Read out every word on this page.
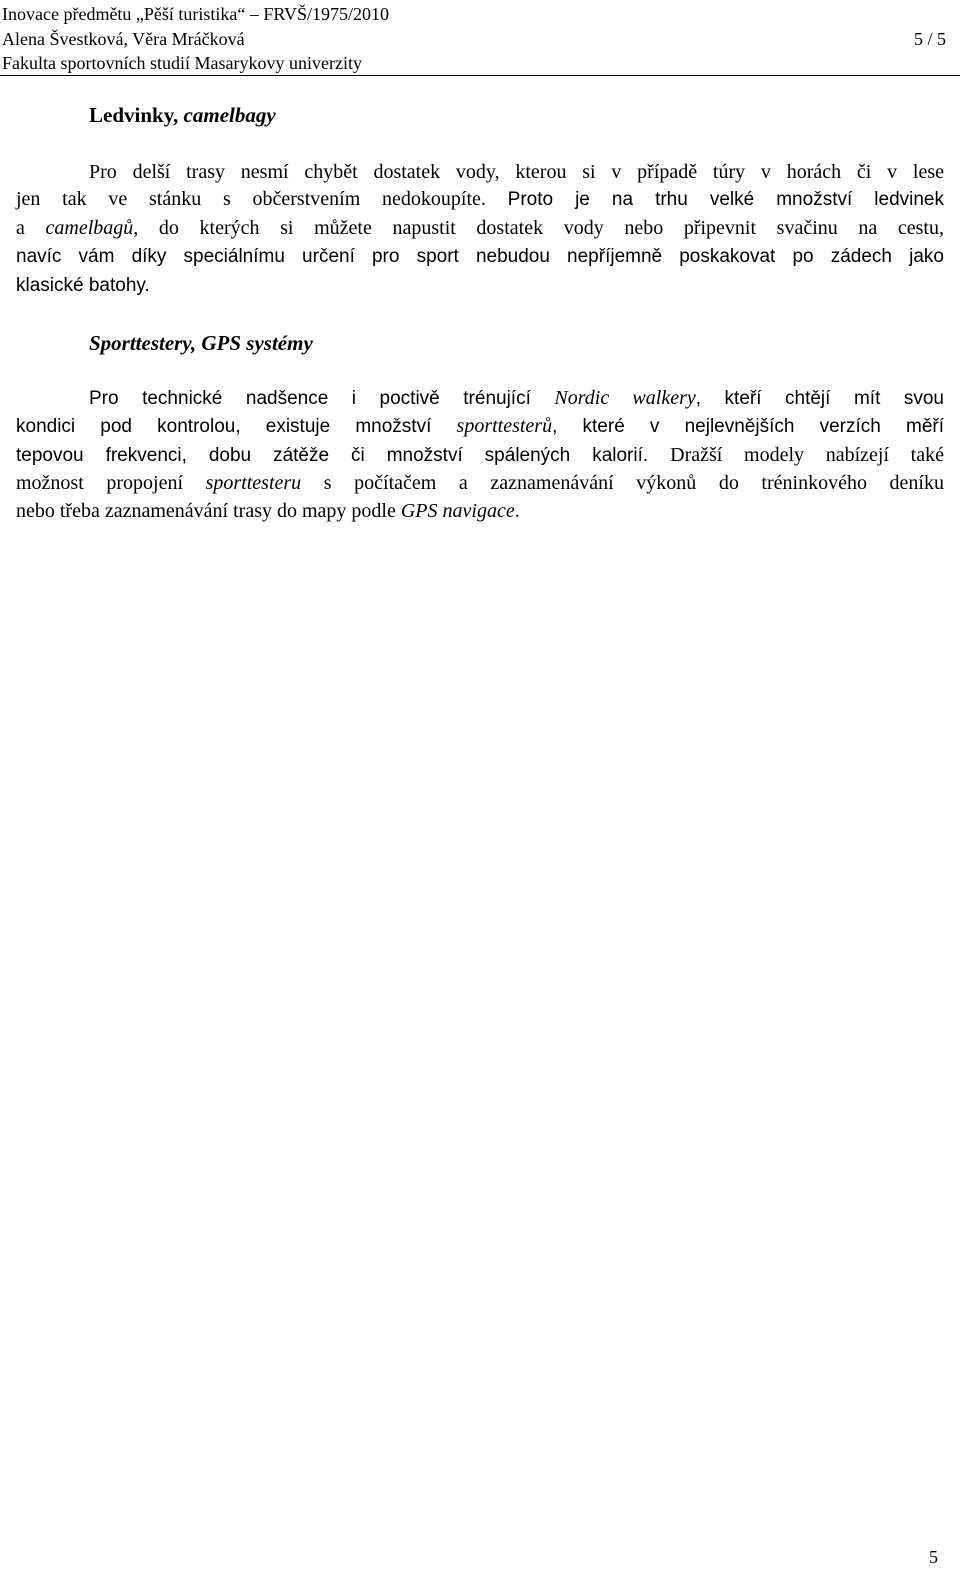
Inovace předmětu „Pěší turistika“ – FRVŠ/1975/2010
Alena Švestková, Věra Mráčková
Fakulta sportovních studií Masarykovy univerzity
5 / 5
Ledvinky, camelbagy
Pro delší trasy nesmí chybět dostatek vody, kterou si v případě túry v horách či v lese
jen tak ve stánku s občerstvením nedokoupíte. Proto je na trhu velké množství ledvinek
a camelbagů, do kterých si můžete napustit dostatek vody nebo připevnit svačinu na cestu,
navíc vám díky speciálnímu určení pro sport nebudou nepříjemně poskakovat po zádech jako
klasické batohy.
Sporttestery, GPS systémy
Pro technické nadšence i poctivě trénující Nordic walkery, kteří chtějí mít svou
kondici pod kontrolou, existuje množství sporttesterů, které v nejlevnějších verzích měří
tepovou frekvenci, dobu zátěže či množství spálených kalorií. Dražší modely nabízejí také
možnost propojení sporttesteru s počítačem a zaznamenávání výkonů do tréninkového deníku
nebo třeba zaznamenávání trasy do mapy podle GPS navigace.
5
